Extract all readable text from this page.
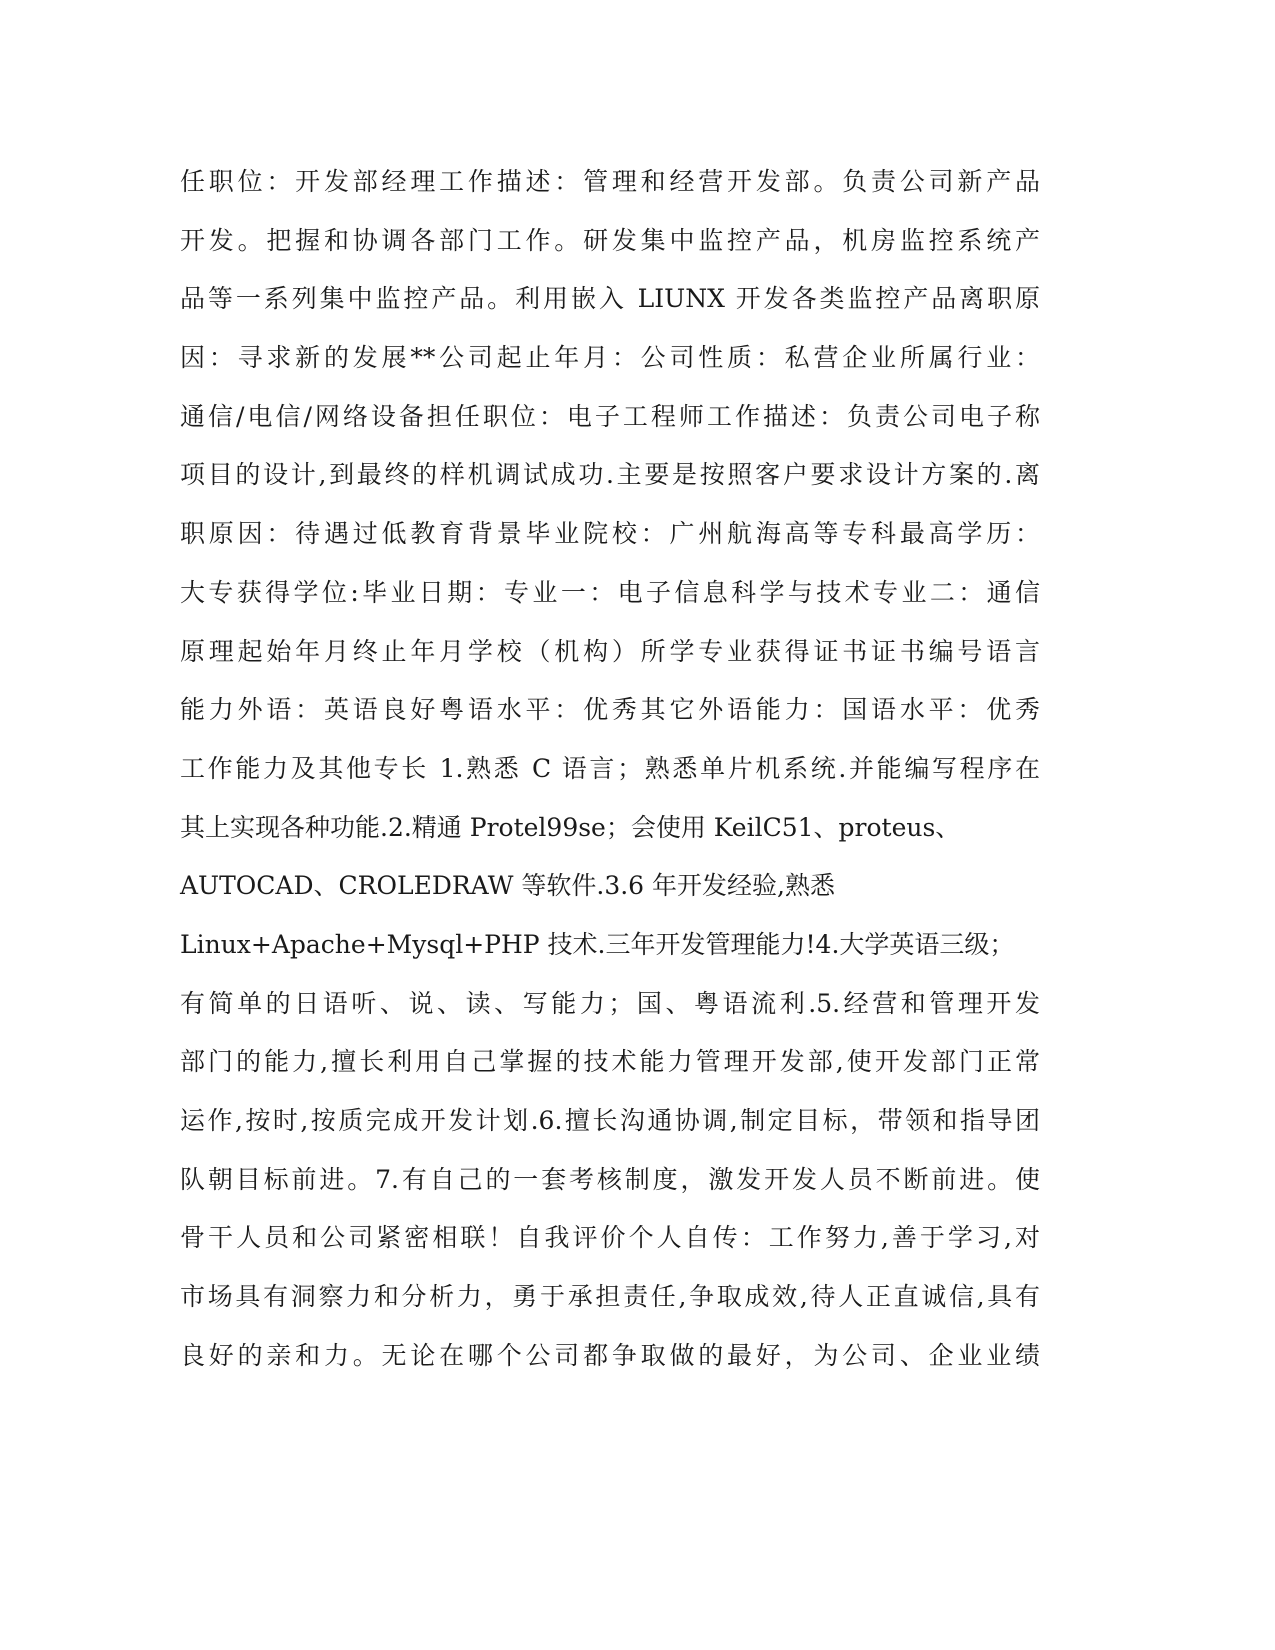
任职位：开发部经理工作描述：管理和经营开发部。负责公司新产品
开发。把握和协调各部门工作。研发集中监控产品，机房监控系统产
品等一系列集中监控产品。利用嵌入 LIUNX 开发各类监控产品离职原
因：寻求新的发展**公司起止年月：公司性质：私营企业所属行业：
通信/电信/网络设备担任职位：电子工程师工作描述：负责公司电子称
项目的设计,到最终的样机调试成功.主要是按照客户要求设计方案的.离
职原因：待遇过低教育背景毕业院校：广州航海高等专科最高学历：
大专获得学位:毕业日期：专业一：电子信息科学与技术专业二：通信
原理起始年月终止年月学校（机构）所学专业获得证书证书编号语言
能力外语：英语良好粤语水平：优秀其它外语能力：国语水平：优秀
工作能力及其他专长 1.熟悉 C 语言；熟悉单片机系统.并能编写程序在
其上实现各种功能.2.精通 Protel99se；会使用 KeilC51、proteus、
AUTOCAD、CROLEDRAW 等软件.3.6 年开发经验,熟悉
Linux+Apache+Mysql+PHP 技术.三年开发管理能力!4.大学英语三级；
有简单的日语听、说、读、写能力；国、粤语流利.5.经营和管理开发
部门的能力,擅长利用自己掌握的技术能力管理开发部,使开发部门正常
运作,按时,按质完成开发计划.6.擅长沟通协调,制定目标，带领和指导团
队朝目标前进。7.有自己的一套考核制度，激发开发人员不断前进。使
骨干人员和公司紧密相联！自我评价个人自传：工作努力,善于学习,对
市场具有洞察力和分析力，勇于承担责任,争取成效,待人正直诚信,具有
良好的亲和力。无论在哪个公司都争取做的最好，为公司、企业业绩
